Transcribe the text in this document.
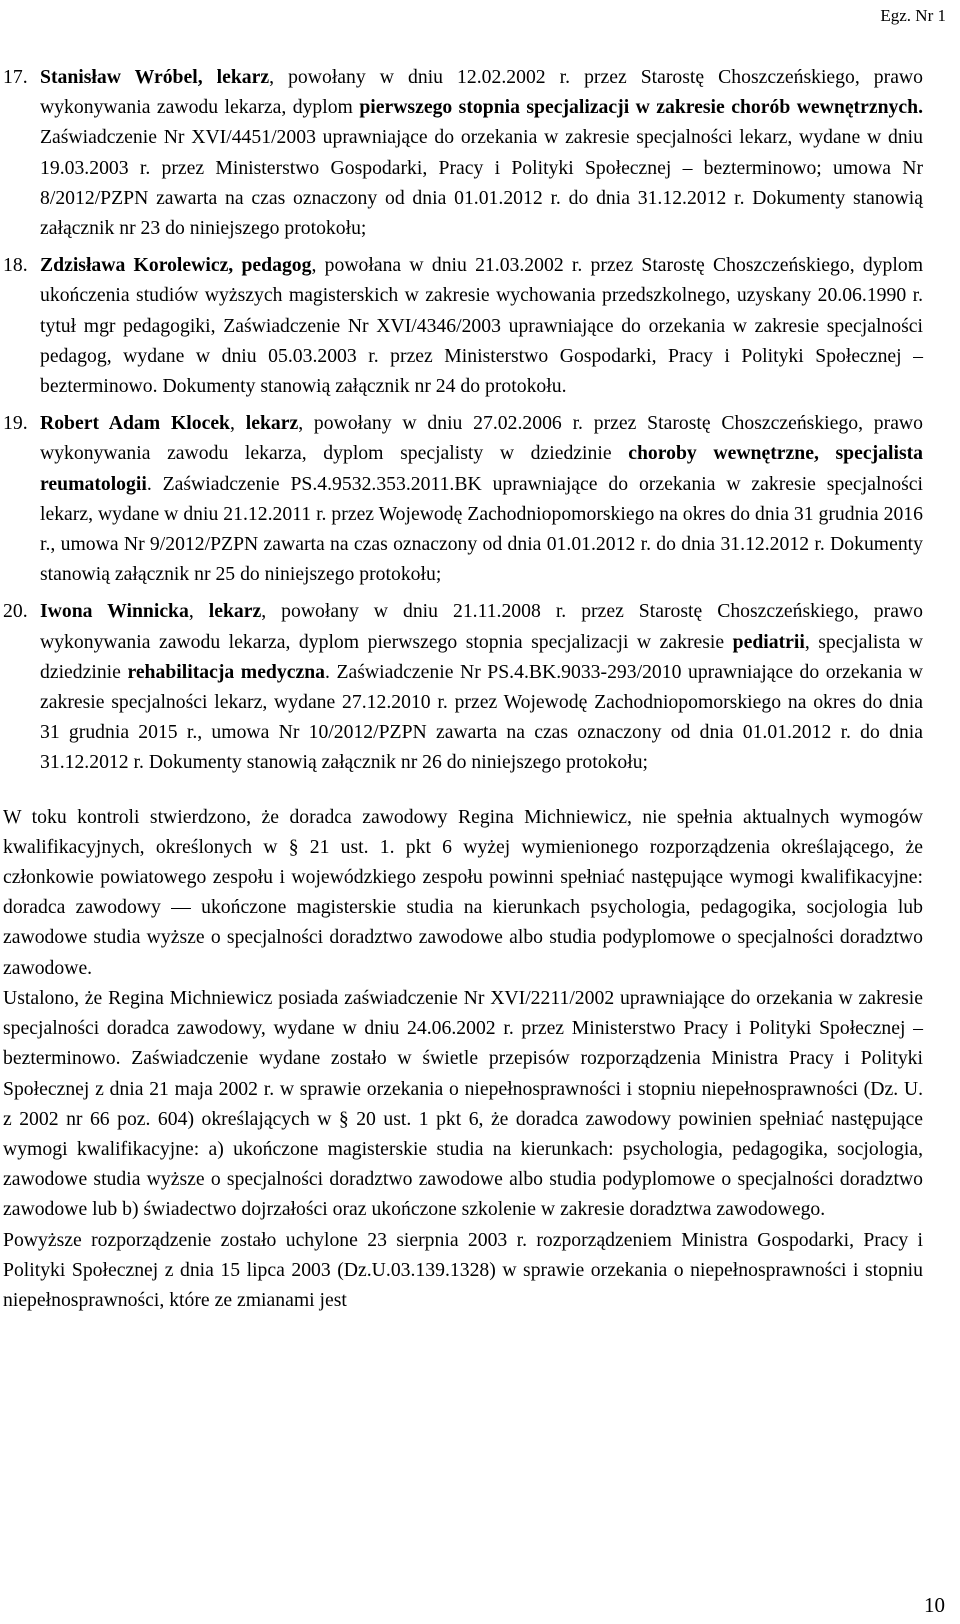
Egz. Nr 1
17. Stanisław Wróbel, lekarz, powołany w dniu 12.02.2002 r. przez Starostę Choszczeńskiego, prawo wykonywania zawodu lekarza, dyplom pierwszego stopnia specjalizacji w zakresie chorób wewnętrznych. Zaświadczenie Nr XVI/4451/2003 uprawniające do orzekania w zakresie specjalności lekarz, wydane w dniu 19.03.2003 r. przez Ministerstwo Gospodarki, Pracy i Polityki Społecznej – bezterminowo; umowa Nr 8/2012/PZPN zawarta na czas oznaczony od dnia 01.01.2012 r. do dnia 31.12.2012 r. Dokumenty stanowią załącznik nr 23 do niniejszego protokołu;
18. Zdzisława Korolewicz, pedagog, powołana w dniu 21.03.2002 r. przez Starostę Choszczeńskiego, dyplom ukończenia studiów wyższych magisterskich w zakresie wychowania przedszkolnego, uzyskany 20.06.1990 r. tytuł mgr pedagogiki, Zaświadczenie Nr XVI/4346/2003 uprawniające do orzekania w zakresie specjalności pedagog, wydane w dniu 05.03.2003 r. przez Ministerstwo Gospodarki, Pracy i Polityki Społecznej – bezterminowo. Dokumenty stanowią załącznik nr 24 do protokołu.
19. Robert Adam Klocek, lekarz, powołany w dniu 27.02.2006 r. przez Starostę Choszczeńskiego, prawo wykonywania zawodu lekarza, dyplom specjalisty w dziedzinie choroby wewnętrzne, specjalista reumatologii. Zaświadczenie PS.4.9532.353.2011.BK uprawniające do orzekania w zakresie specjalności lekarz, wydane w dniu 21.12.2011 r. przez Wojewodę Zachodniopomorskiego na okres do dnia 31 grudnia 2016 r., umowa Nr 9/2012/PZPN zawarta na czas oznaczony od dnia 01.01.2012 r. do dnia 31.12.2012 r. Dokumenty stanowią załącznik nr 25 do niniejszego protokołu;
20. Iwona Winnicka, lekarz, powołany w dniu 21.11.2008 r. przez Starostę Choszczeńskiego, prawo wykonywania zawodu lekarza, dyplom pierwszego stopnia specjalizacji w zakresie pediatrii, specjalista w dziedzinie rehabilitacja medyczna. Zaświadczenie Nr PS.4.BK.9033-293/2010 uprawniające do orzekania w zakresie specjalności lekarz, wydane 27.12.2010 r. przez Wojewodę Zachodniopomorskiego na okres do dnia 31 grudnia 2015 r., umowa Nr 10/2012/PZPN zawarta na czas oznaczony od dnia 01.01.2012 r. do dnia 31.12.2012 r. Dokumenty stanowią załącznik nr 26 do niniejszego protokołu;

W toku kontroli stwierdzono, że doradca zawodowy Regina Michniewicz, nie spełnia aktualnych wymogów kwalifikacyjnych, określonych w § 21 ust. 1. pkt 6 wyżej wymienionego rozporządzenia określającego, że członkowie powiatowego zespołu i wojewódzkiego zespołu powinni spełniać następujące wymogi kwalifikacyjne: doradca zawodowy — ukończone magisterskie studia na kierunkach psychologia, pedagogika, socjologia lub zawodowe studia wyższe o specjalności doradztwo zawodowe albo studia podyplomowe o specjalności doradztwo zawodowe.

Ustalono, że Regina Michniewicz posiada zaświadczenie Nr XVI/2211/2002 uprawniające do orzekania w zakresie specjalności doradca zawodowy, wydane w dniu 24.06.2002 r. przez Ministerstwo Pracy i Polityki Społecznej – bezterminowo. Zaświadczenie wydane zostało w świetle przepisów rozporządzenia Ministra Pracy i Polityki Społecznej z dnia 21 maja 2002 r. w sprawie orzekania o niepełnosprawności i stopniu niepełnosprawności (Dz. U. z 2002 nr 66 poz. 604) określających w § 20 ust. 1 pkt 6, że doradca zawodowy powinien spełniać następujące wymogi kwalifikacyjne: a) ukończone magisterskie studia na kierunkach: psychologia, pedagogika, socjologia, zawodowe studia wyższe o specjalności doradztwo zawodowe albo studia podyplomowe o specjalności doradztwo zawodowe lub b) świadectwo dojrzałości oraz ukończone szkolenie w zakresie doradztwa zawodowego.

Powyższe rozporządzenie zostało uchylone 23 sierpnia 2003 r. rozporządzeniem Ministra Gospodarki, Pracy i Polityki Społecznej z dnia 15 lipca 2003 (Dz.U.03.139.1328) w sprawie orzekania o niepełnosprawności i stopniu niepełnosprawności, które ze zmianami jest

10
